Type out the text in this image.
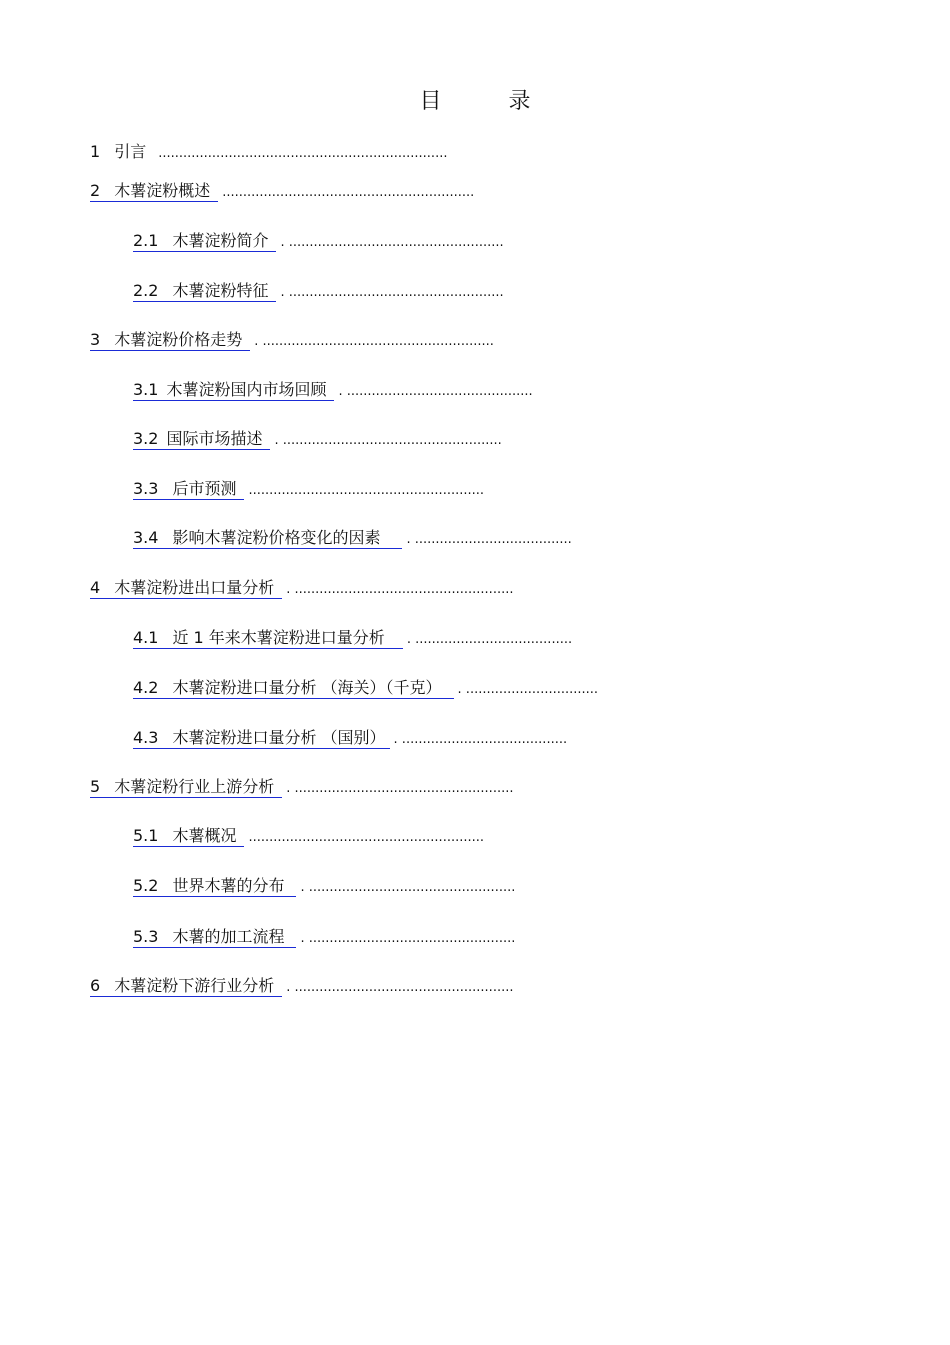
目 录
1 引言 ......................................................................
2 木薯淀粉概述 .............................................................
2.1 木薯淀粉简介 . ....................................................
2.2 木薯淀粉特征 . ....................................................
3 木薯淀粉价格走势 . ........................................................
3.1 木薯淀粉国内市场回顾 . .............................................
3.2 国际市场描述 . .....................................................
3.3 后市预测 .........................................................
3.4 影响木薯淀粉价格变化的因素 . ......................................
4 木薯淀粉进出口量分析 . .....................................................
4.1 近 1 年来木薯淀粉进口量分析 . ......................................
4.2 木薯淀粉进口量分析 （海关）（千克） . ................................
4.3 木薯淀粉进口量分析 （国别） . ........................................
5 木薯淀粉行业上游分析 . .....................................................
5.1 木薯概况 .........................................................
5.2 世界木薯的分布 . ..................................................
5.3 木薯的加工流程 . ..................................................
6 木薯淀粉下游行业分析 . .....................................................
